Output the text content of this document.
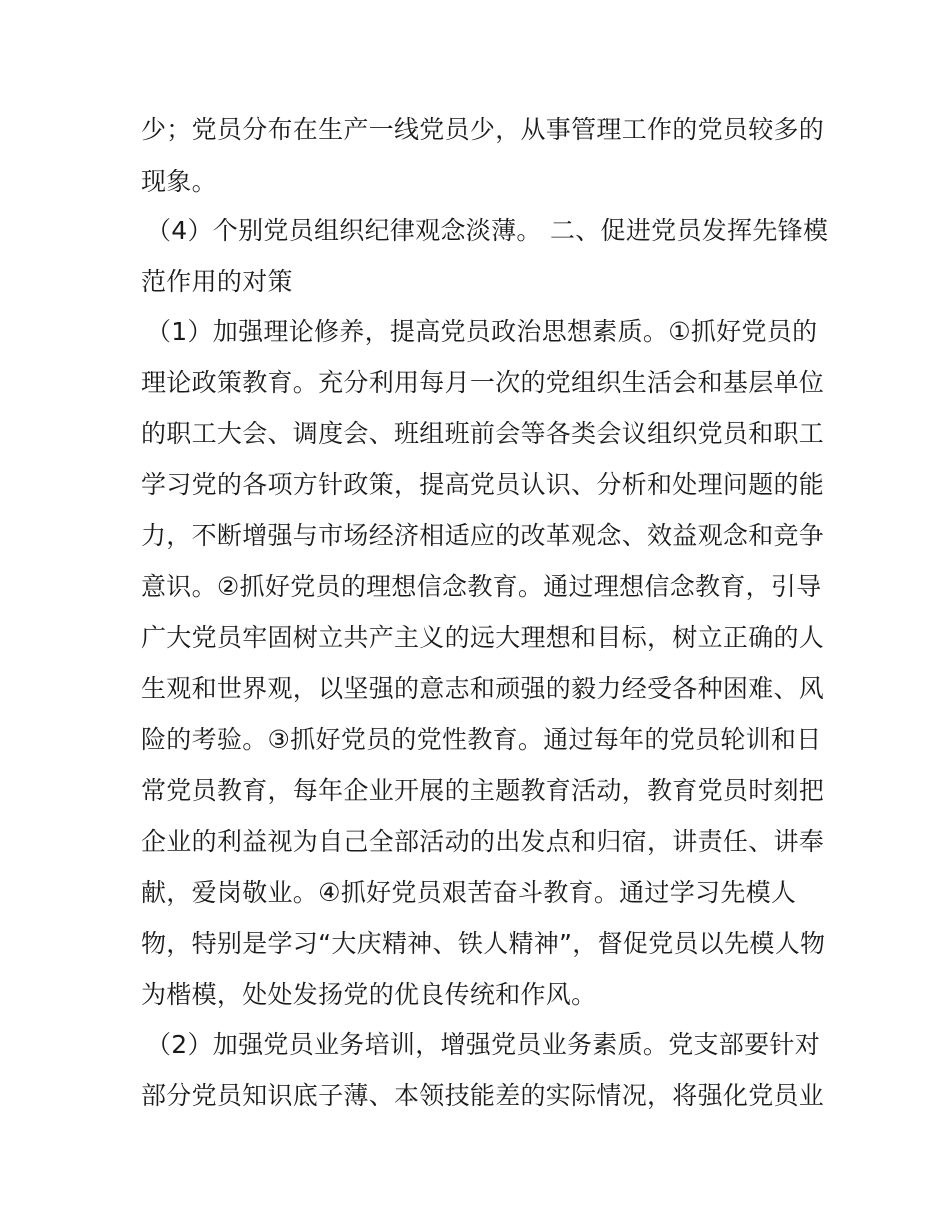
少；党员分布在生产一线党员少，从事管理工作的党员较多的
现象。
（4）个别党员组织纪律观念淡薄。 二、促进党员发挥先锋模
范作用的对策
（1）加强理论修养，提高党员政治思想素质。①抓好党员的
理论政策教育。充分利用每月一次的党组织生活会和基层单位
的职工大会、调度会、班组班前会等各类会议组织党员和职工
学习党的各项方针政策，提高党员认识、分析和处理问题的能
力，不断增强与市场经济相适应的改革观念、效益观念和竞争
意识。②抓好党员的理想信念教育。通过理想信念教育，引导
广大党员牢固树立共产主义的远大理想和目标，树立正确的人
生观和世界观，以坚强的意志和顽强的毅力经受各种困难、风
险的考验。③抓好党员的党性教育。通过每年的党员轮训和日
常党员教育，每年企业开展的主题教育活动，教育党员时刻把
企业的利益视为自己全部活动的出发点和归宿，讲责任、讲奉
献，爱岗敬业。④抓好党员艰苦奋斗教育。通过学习先模人
物，特别是学习“大庆精神、铁人精神”，督促党员以先模人物
为楷模，处处发扬党的优良传统和作风。
（2）加强党员业务培训，增强党员业务素质。党支部要针对
部分党员知识底子薄、本领技能差的实际情况，将强化党员业
